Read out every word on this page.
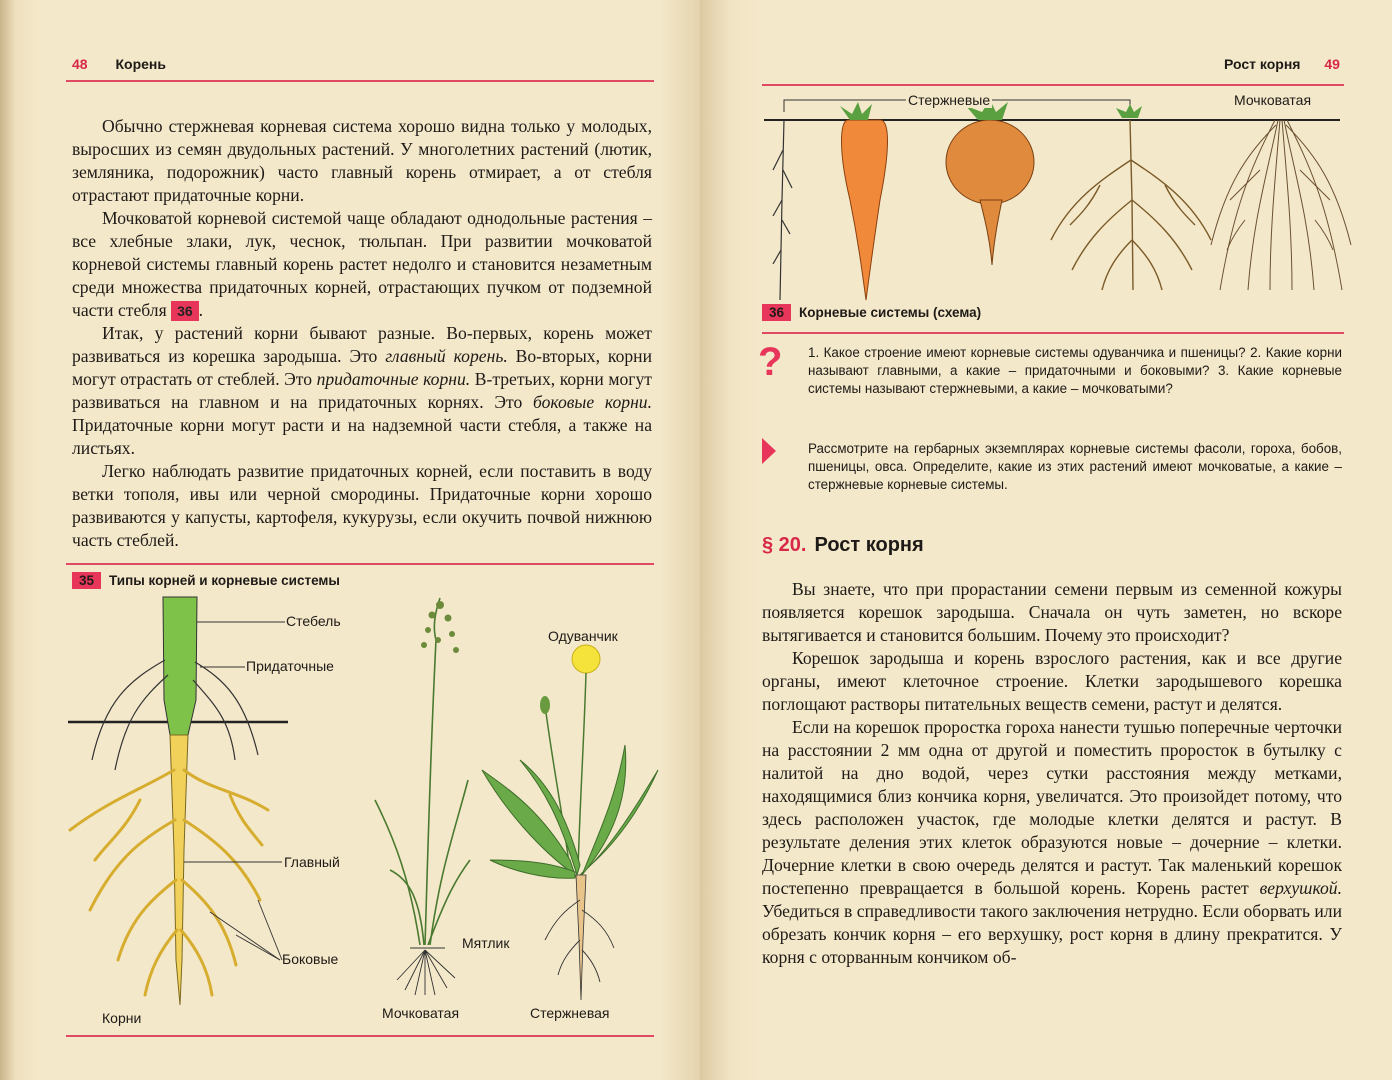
48 Корень

Обычно стержневая корневая система хорошо видна только у молодых, выросших из семян двудольных растений. У многолетних растений (лютик, земляника, подорожник) часто главный корень отмирает, а от стебля отрастают придаточные корни.

Мочковатой корневой системой чаще обладают однодольные растения – все хлебные злаки, лук, чеснок, тюльпан. При развитии мочковатой корневой системы главный корень растет недолго и становится незаметным среди множества придаточных корней, отрастающих пучком от подземной части стебля 36 .

Итак, у растений корни бывают разные. Во-первых, корень может развиваться из корешка зародыша. Это главный корень. Во-вторых, корни могут отрастать от стеблей. Это придаточные корни. В-третьих, корни могут развиваться на главном и на придаточных корнях. Это боковые корни. Придаточные корни могут расти и на надземной части стебля, а также на листьях.

Легко наблюдать развитие придаточных корней, если поставить в воду ветки тополя, ивы или черной смородины. Придаточные корни хорошо развиваются у капусты, картофеля, кукурузы, если окучить почвой нижнюю часть стеблей.

35 Типы корней и корневые системы
Стебель
Придаточные
Главный
Боковые
Корни
Одуванчик
Мятлик
Мочковатая	Стержневая
Рост корня 49
Стержневые	Мочковатая
36 Корневые системы (схема)
? 1. Какое строение имеют корневые системы одуванчика и пшеницы? 2. Какие корни называют главными, а какие – придаточными и боковыми? 3. Какие корневые системы называют стержневыми, а какие – мочковатыми?
Рассмотрите на гербарных экземплярах корневые системы фасоли, гороха, бобов, пшеницы, овса. Определите, какие из этих растений имеют мочковатые, а какие – стержневые корневые системы.
§ 20. Рост корня

Вы знаете, что при прорастании семени первым из семенной кожуры появляется корешок зародыша. Сначала он чуть заметен, но вскоре вытягивается и становится большим. Почему это происходит?

Корешок зародыша и корень взрослого растения, как и все другие органы, имеют клеточное строение. Клетки зародышевого корешка поглощают растворы питательных веществ семени, растут и делятся.

Если на корешок проростка гороха нанести тушью поперечные черточки на расстоянии 2 мм одна от другой и поместить проросток в бутылку с налитой на дно водой, через сутки расстояния между метками, находящимися близ кончика корня, увеличатся. Это произойдет потому, что здесь расположен участок, где молодые клетки делятся и растут. В результате деления этих клеток образуются новые – дочерние – клетки. Дочерние клетки в свою очередь делятся и растут. Так маленький корешок постепенно превращается в большой корень. Корень растет верхушкой. Убедиться в справедливости такого заключения нетрудно. Если оборвать или обрезать кончик корня – его верхушку, рост корня в длину прекратится. У корня с оторванным кончиком об-
